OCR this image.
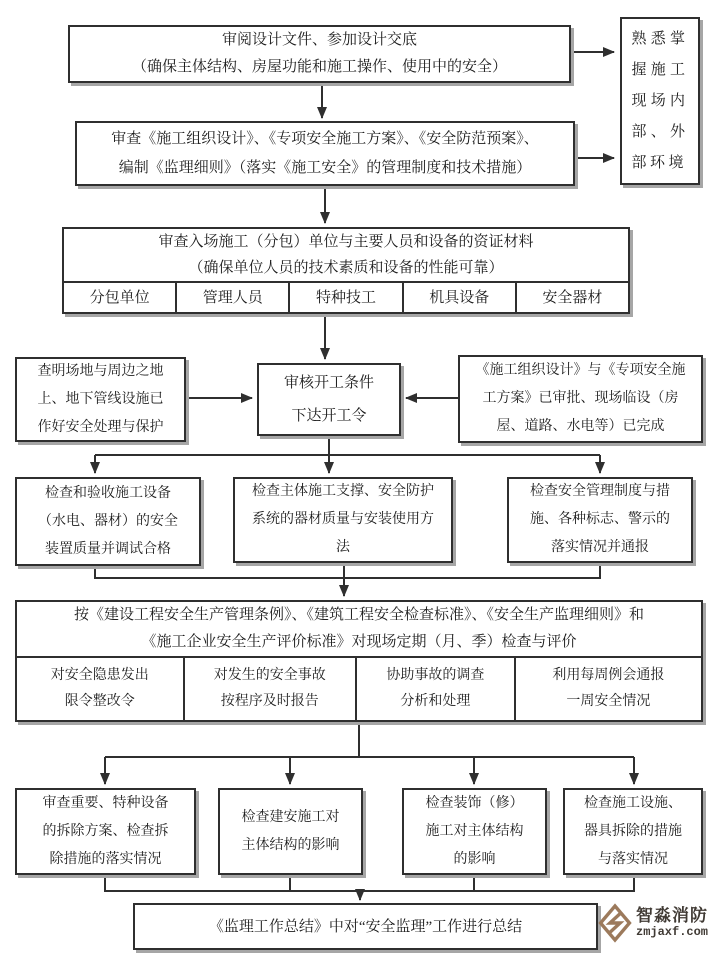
审阅设计文件、参加设计交底
（确保主体结构、房屋功能和施工操作、使用中的安全）
熟悉掌握施工现场内部、外部环境
审查《施工组织设计》、《专项安全施工方案》、《安全防范预案》、
编制《监理细则》（落实《施工安全》的管理制度和技术措施）
审查入场施工（分包）单位与主要人员和设备的资证材料
（确保单位人员的技术素质和设备的性能可靠）
分包单位	管理人员	特种技工	机具设备	安全器材
查明场地与周边之地上、地下管线设施已作好安全处理与保护
审核开工条件
下达开工令
《施工组织设计》与《专项安全施工方案》已审批、现场临设（房屋、道路、水电等）已完成
检查和验收施工设备（水电、器材）的安全装置质量并调试合格
检查主体施工支撑、安全防护系统的器材质量与安装使用方法
检查安全管理制度与措施、各种标志、警示的落实情况并通报
按《建设工程安全生产管理条例》、《建筑工程安全检查标准》、《安全生产监理细则》和
《施工企业安全生产评价标准》对现场定期（月、季）检查与评价
对安全隐患发出
限令整改令
对发生的安全事故
按程序及时报告
协助事故的调查
分析和处理
利用每周例会通报
一周安全情况
审查重要、特种设备的拆除方案、检查拆除措施的落实情况
检查建安施工对主体结构的影响
检查装饰（修）施工对主体结构的影响
检查施工设施、器具拆除的措施与落实情况
《监理工作总结》中对“安全监理”工作进行总结
智淼消防
zmjaxf.com
